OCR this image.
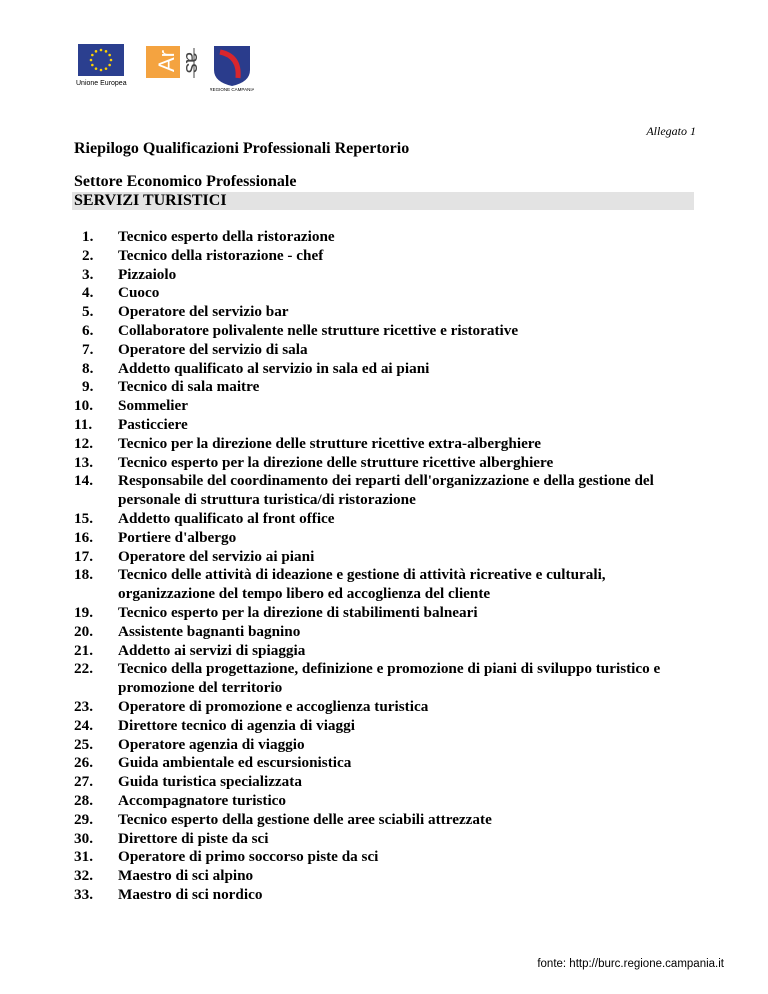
Unione Europea
Ar as
REGIONE CAMPANIA
Allegato 1
Riepilogo Qualificazioni Professionali Repertorio
Settore Economico Professionale
SERVIZI TURISTICI
1.	Tecnico esperto della ristorazione
2.	Tecnico della ristorazione - chef
3.	Pizzaiolo
4.	Cuoco
5.	Operatore del servizio bar
6.	Collaboratore polivalente nelle strutture ricettive e ristorative
7.	Operatore del servizio di sala
8.	Addetto qualificato al servizio in sala ed ai piani
9.	Tecnico di sala maitre
10.	Sommelier
11.	Pasticciere
12.	Tecnico per la direzione delle strutture ricettive extra-alberghiere
13.	Tecnico esperto per la direzione delle strutture ricettive alberghiere
14.	Responsabile del coordinamento dei reparti dell'organizzazione e della gestione del personale di struttura turistica/di ristorazione
15.	Addetto qualificato al front office
16.	Portiere d'albergo
17.	Operatore del servizio ai piani
18.	Tecnico delle attività di ideazione e gestione di attività ricreative e culturali, organizzazione del tempo libero ed accoglienza del cliente
19.	Tecnico esperto per la direzione di stabilimenti balneari
20.	Assistente bagnanti bagnino
21.	Addetto ai servizi di spiaggia
22.	Tecnico della progettazione, definizione e promozione di piani di sviluppo turistico e promozione del territorio
23.	Operatore di promozione e accoglienza turistica
24.	Direttore tecnico di agenzia di viaggi
25.	Operatore agenzia di viaggio
26.	Guida ambientale ed escursionistica
27.	Guida turistica specializzata
28.	Accompagnatore turistico
29.	Tecnico esperto della gestione delle aree sciabili attrezzate
30.	Direttore di piste da sci
31.	Operatore di primo soccorso piste da sci
32.	Maestro di sci alpino
33.	Maestro di sci nordico
fonte: http://burc.regione.campania.it
